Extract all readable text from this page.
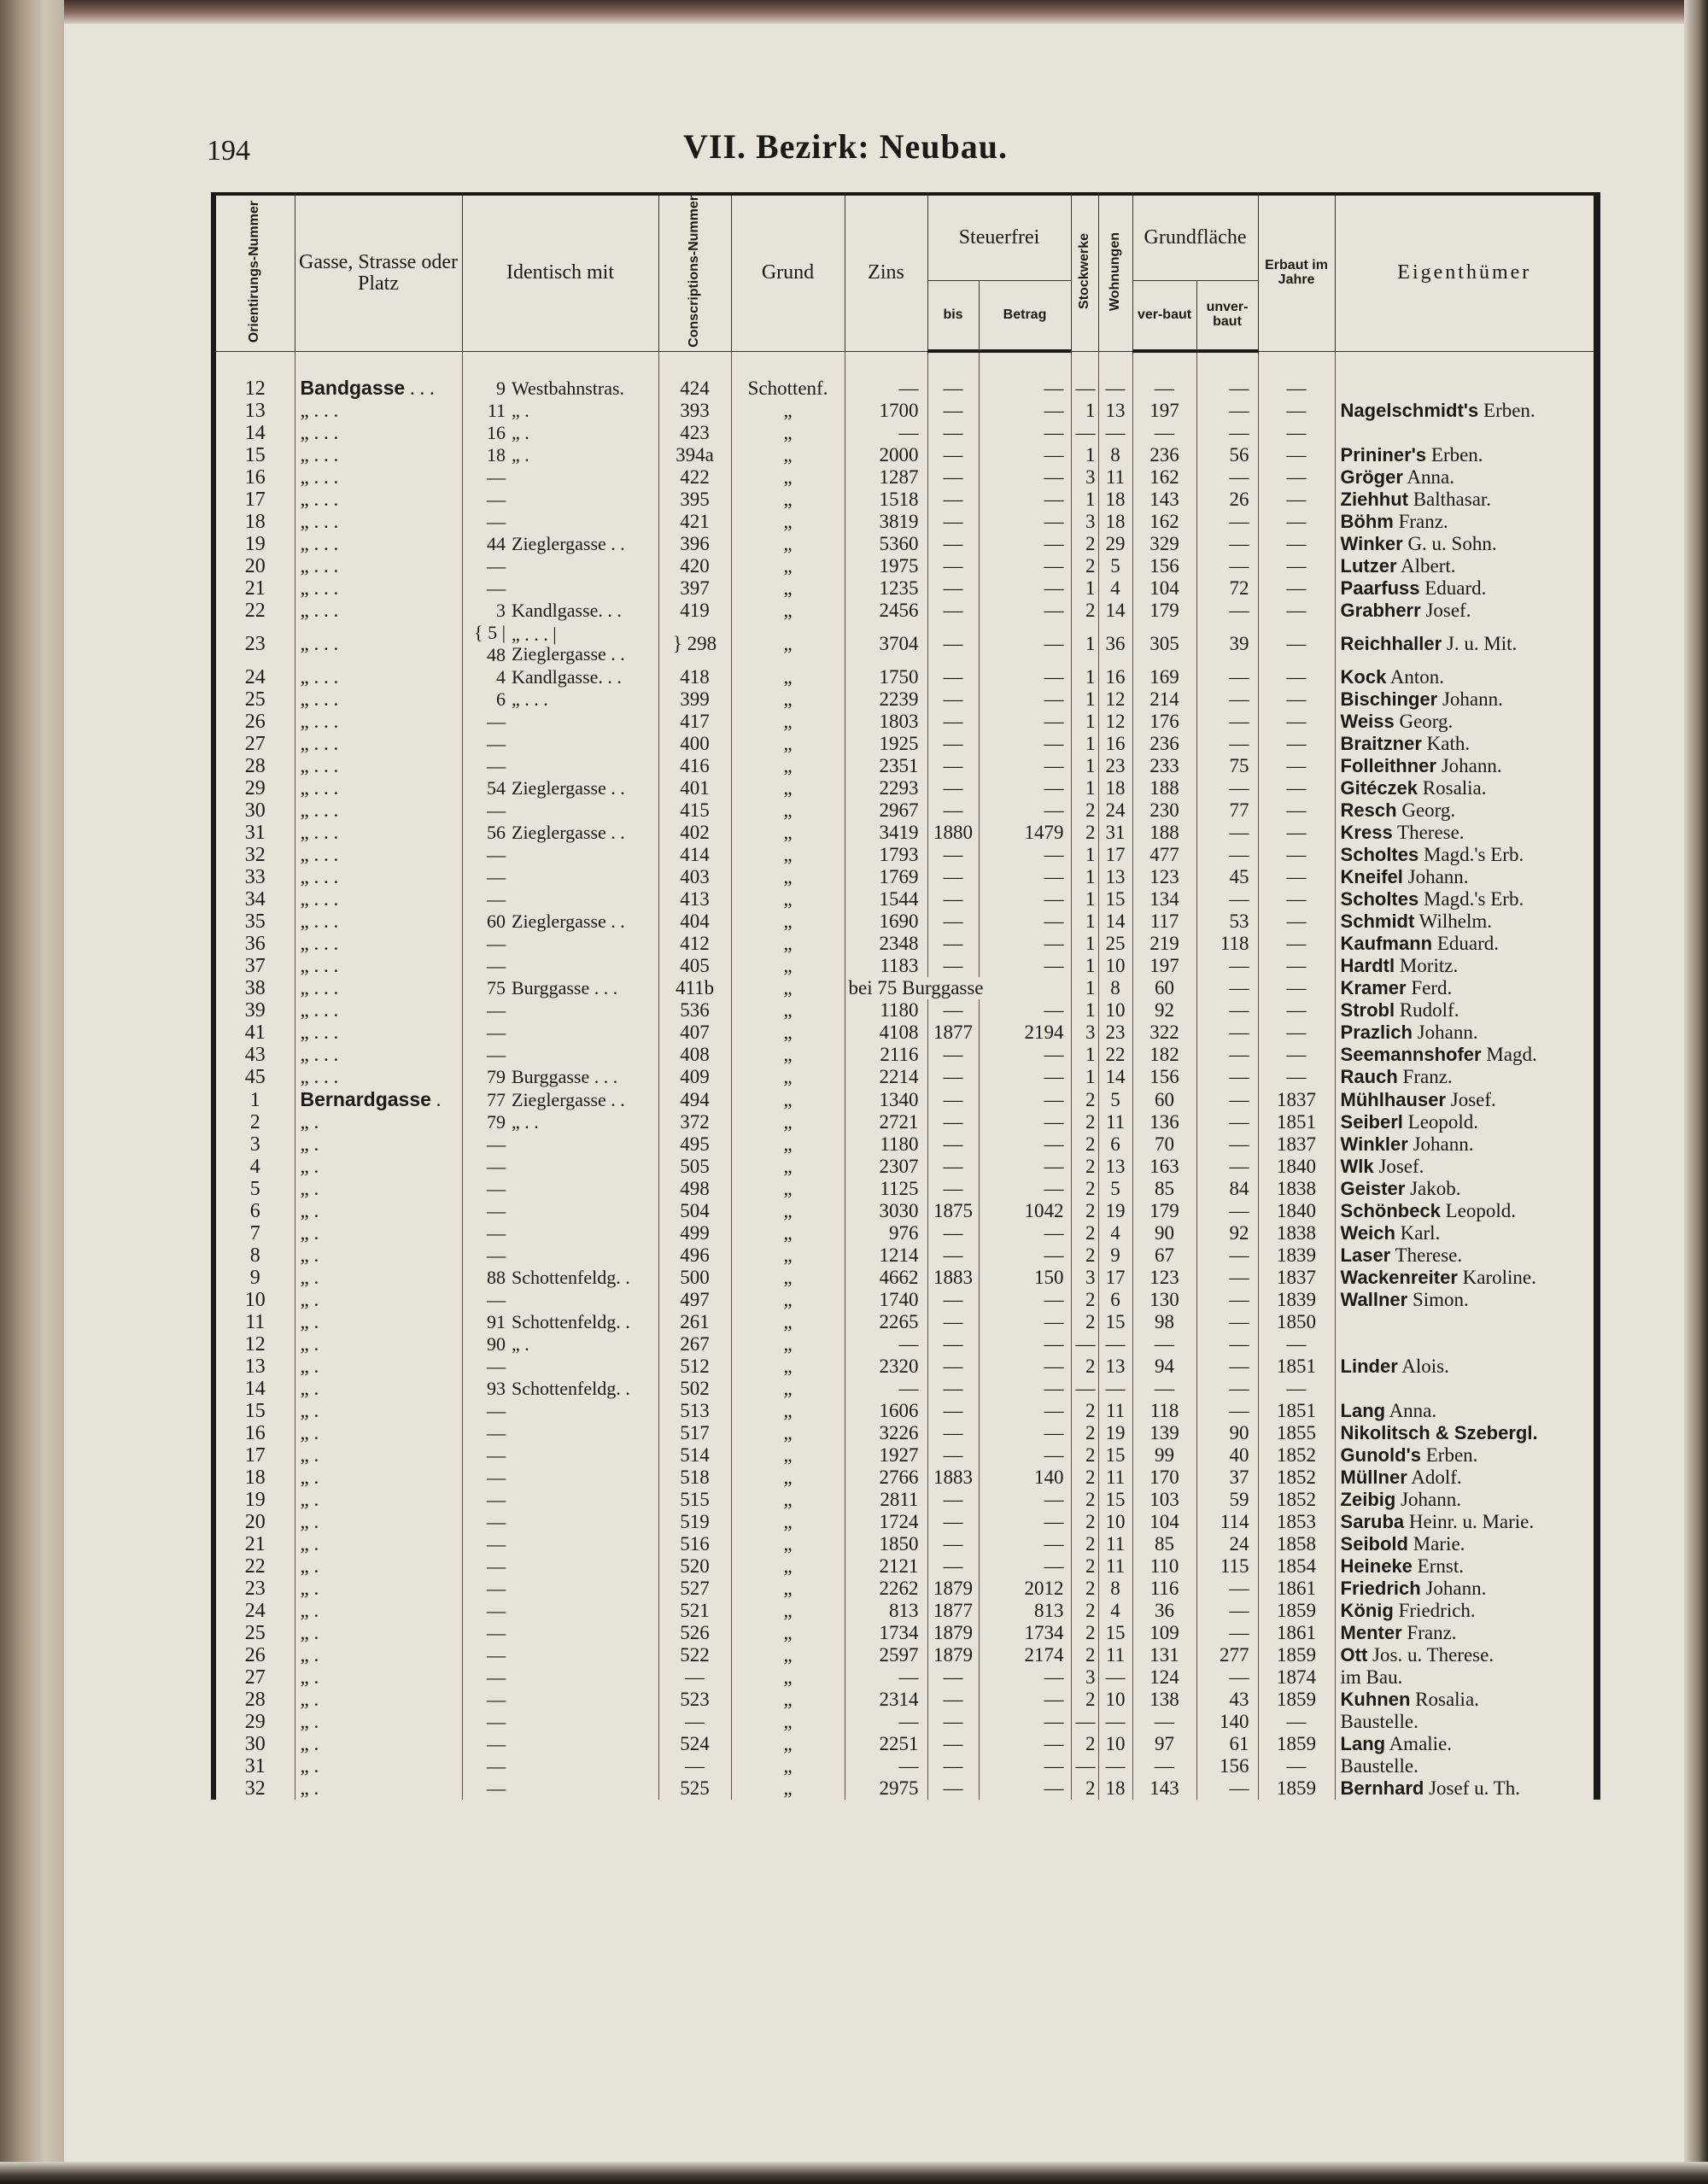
194	VII. Bezirk: Neubau.
Orientirungs-Nummer	Gasse, Strasse oder Platz	Identisch mit		Conscriptions-Nummer	Grund	Zins	Steuerfrei		Stockwerke	Wohnungen	Grundfläche		Erbaut im Jahre	Eigenthümer
							bis	Betrag			ver-baut	unver-baut		

12	Bandgasse . . .	9	Westbahnstras.	424	Schottenf.	—	—	—	—	—	—	—	—	
13	„ . . .	11	„ .	393	„	1700	—	—	1	13	197	—	—	Nagelschmidt's Erben.
14	„ . . .	16	„ .	423	„	—	—	—	—	—	—	—	—	
15	„ . . .	18	„ .	394a	„	2000	—	—	1	8	236	56	—	Prininer's Erben.
16	„ . . .	—		422	„	1287	—	—	3	11	162	—	—	Gröger Anna.
17	„ . . .	—		395	„	1518	—	—	1	18	143	26	—	Ziehhut Balthasar.
18	„ . . .	—		421	„	3819	—	—	3	18	162	—	—	Böhm Franz.
19	„ . . .	44	Zieglergasse . .	396	„	5360	—	—	2	29	329	—	—	Winker G. u. Sohn.
20	„ . . .	—		420	„	1975	—	—	2	5	156	—	—	Lutzer Albert.
21	„ . . .	—		397	„	1235	—	—	1	4	104	72	—	Paarfuss Eduard.
22	„ . . .	3	Kandlgasse. . .	419	„	2456	—	—	2	14	179	—	—	Grabherr Josef.
23	„ . . .	{ 5 | 48	„ . . . | Zieglergasse . .	} 298	„	3704	—	—	1	36	305	39	—	Reichhaller J. u. Mit.
24	„ . . .	4	Kandlgasse. . .	418	„	1750	—	—	1	16	169	—	—	Kock Anton.
25	„ . . .	6	„ . . .	399	„	2239	—	—	1	12	214	—	—	Bischinger Johann.
26	„ . . .	—		417	„	1803	—	—	1	12	176	—	—	Weiss Georg.
27	„ . . .	—		400	„	1925	—	—	1	16	236	—	—	Braitzner Kath.
28	„ . . .	—		416	„	2351	—	—	1	23	233	75	—	Folleithner Johann.
29	„ . . .	54	Zieglergasse . .	401	„	2293	—	—	1	18	188	—	—	Gitéczek Rosalia.
30	„ . . .	—		415	„	2967	—	—	2	24	230	77	—	Resch Georg.
31	„ . . .	56	Zieglergasse . .	402	„	3419	1880	1479	2	31	188	—	—	Kress Therese.
32	„ . . .	—		414	„	1793	—	—	1	17	477	—	—	Scholtes Magd.'s Erb.
33	„ . . .	—		403	„	1769	—	—	1	13	123	45	—	Kneifel Johann.
34	„ . . .	—		413	„	1544	—	—	1	15	134	—	—	Scholtes Magd.'s Erb.
35	„ . . .	60	Zieglergasse . .	404	„	1690	—	—	1	14	117	53	—	Schmidt Wilhelm.
36	„ . . .	—		412	„	2348	—	—	1	25	219	118	—	Kaufmann Eduard.
37	„ . . .	—		405	„	1183	—	—	1	10	197	—	—	Hardtl Moritz.
38	„ . . .	75	Burggasse . . .	411b	„	bei 75 Burggasse			1	8	60	—	—	Kramer Ferd.
39	„ . . .	—		536	„	1180	—	—	1	10	92	—	—	Strobl Rudolf.
41	„ . . .	—		407	„	4108	1877	2194	3	23	322	—	—	Prazlich Johann.
43	„ . . .	—		408	„	2116	—	—	1	22	182	—	—	Seemannshofer Magd.
45	„ . . .	79	Burggasse . . .	409	„	2214	—	—	1	14	156	—	—	Rauch Franz.
1	Bernardgasse .	77	Zieglergasse . .	494	„	1340	—	—	2	5	60	—	1837	Mühlhauser Josef.
2	„ .	79	„ . .	372	„	2721	—	—	2	11	136	—	1851	Seiberl Leopold.
3	„ .	—		495	„	1180	—	—	2	6	70	—	1837	Winkler Johann.
4	„ .	—		505	„	2307	—	—	2	13	163	—	1840	Wlk Josef.
5	„ .	—		498	„	1125	—	—	2	5	85	84	1838	Geister Jakob.
6	„ .	—		504	„	3030	1875	1042	2	19	179	—	1840	Schönbeck Leopold.
7	„ .	—		499	„	976	—	—	2	4	90	92	1838	Weich Karl.
8	„ .	—		496	„	1214	—	—	2	9	67	—	1839	Laser Therese.
9	„ .	88	Schottenfeldg. .	500	„	4662	1883	150	3	17	123	—	1837	Wackenreiter Karoline.
10	„ .	—		497	„	1740	—	—	2	6	130	—	1839	Wallner Simon.
11	„ .	91	Schottenfeldg. .	261	„	2265	—	—	2	15	98	—	1850	
12	„ .	90	„ .	267	„	—	—	—	—	—	—	—	—	
13	„ .	—		512	„	2320	—	—	2	13	94	—	1851	Linder Alois.
14	„ .	93	Schottenfeldg. .	502	„	—	—	—	—	—	—	—	—	
15	„ .	—		513	„	1606	—	—	2	11	118	—	1851	Lang Anna.
16	„ .	—		517	„	3226	—	—	2	19	139	90	1855	Nikolitsch & Szebergl.
17	„ .	—		514	„	1927	—	—	2	15	99	40	1852	Gunold's Erben.
18	„ .	—		518	„	2766	1883	140	2	11	170	37	1852	Müllner Adolf.
19	„ .	—		515	„	2811	—	—	2	15	103	59	1852	Zeibig Johann.
20	„ .	—		519	„	1724	—	—	2	10	104	114	1853	Saruba Heinr. u. Marie.
21	„ .	—		516	„	1850	—	—	2	11	85	24	1858	Seibold Marie.
22	„ .	—		520	„	2121	—	—	2	11	110	115	1854	Heineke Ernst.
23	„ .	—		527	„	2262	1879	2012	2	8	116	—	1861	Friedrich Johann.
24	„ .	—		521	„	813	1877	813	2	4	36	—	1859	König Friedrich.
25	„ .	—		526	„	1734	1879	1734	2	15	109	—	1861	Menter Franz.
26	„ .	—		522	„	2597	1879	2174	2	11	131	277	1859	Ott Jos. u. Therese.
27	„ .	—		—	„	—	—	—	3	—	124	—	1874	im Bau.
28	„ .	—		523	„	2314	—	—	2	10	138	43	1859	Kuhnen Rosalia.
29	„ .	—		—	„	—	—	—	—	—	—	140	—	Baustelle.
30	„ .	—		524	„	2251	—	—	2	10	97	61	1859	Lang Amalie.
31	„ .	—		—	„	—	—	—	—	—	—	156	—	Baustelle.
32	„ .	—		525	„	2975	—	—	2	18	143	—	1859	Bernhard Josef u. Th.
